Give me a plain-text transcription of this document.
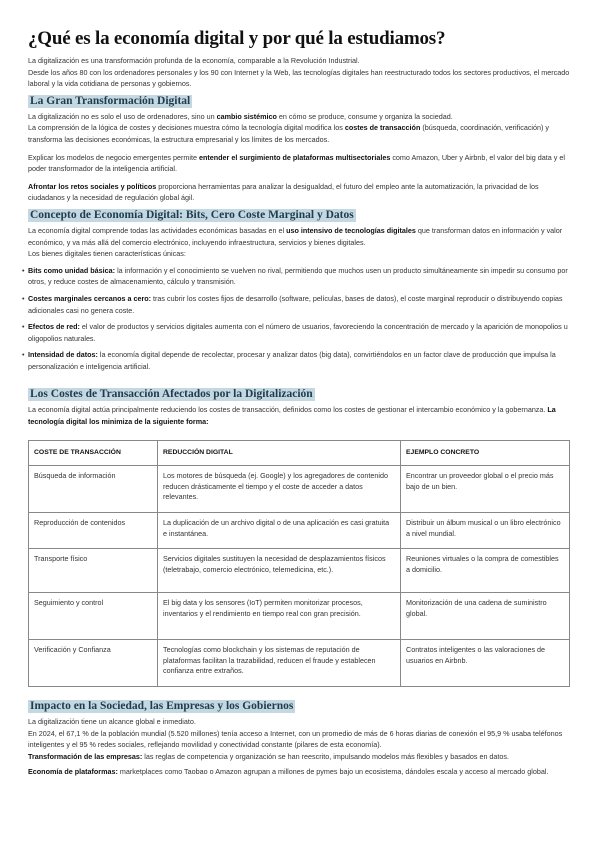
¿Qué es la economía digital y por qué la estudiamos?

La digitalización es una transformación profunda de la economía, comparable a la Revolución Industrial.

Desde los años 80 con los ordenadores personales y los 90 con Internet y la Web, las tecnologías digitales han reestructurado todos los sectores productivos, el mercado laboral y la vida cotidiana de personas y gobiernos.

La Gran Transformación Digital

La digitalización no es solo el uso de ordenadores, sino un cambio sistémico en cómo se produce, consume y organiza la sociedad.

La comprensión de la lógica de costes y decisiones muestra cómo la tecnología digital modifica los costes de transacción (búsqueda, coordinación, verificación) y transforma las decisiones económicas, la estructura empresarial y los límites de los mercados.

Explicar los modelos de negocio emergentes permite entender el surgimiento de plataformas multisectoriales como Amazon, Uber y Airbnb, el valor del big data y el poder transformador de la inteligencia artificial.

Afrontar los retos sociales y políticos proporciona herramientas para analizar la desigualdad, el futuro del empleo ante la automatización, la privacidad de los ciudadanos y la necesidad de regulación global ágil.

Concepto de Economía Digital: Bits, Cero Coste Marginal y Datos

La economía digital comprende todas las actividades económicas basadas en el uso intensivo de tecnologías digitales que transforman datos en información y valor económico, y va más allá del comercio electrónico, incluyendo infraestructura, servicios y bienes digitales.

Los bienes digitales tienen características únicas:

• Bits como unidad básica: la información y el conocimiento se vuelven no rival, permitiendo que muchos usen un producto simultáneamente sin impedir su consumo por otros, y reduce costes de almacenamiento, cálculo y transmisión.
• Costes marginales cercanos a cero: tras cubrir los costes fijos de desarrollo (software, películas, bases de datos), el coste marginal reproducir o distribuyendo copias adicionales casi no genera coste.
• Efectos de red: el valor de productos y servicios digitales aumenta con el número de usuarios, favoreciendo la concentración de mercado y la aparición de monopolios u oligopolios naturales.
• Intensidad de datos: la economía digital depende de recolectar, procesar y analizar datos (big data), convirtiéndolos en un factor clave de producción que impulsa la personalización e inteligencia artificial.
Los Costes de Transacción Afectados por la Digitalización

La economía digital actúa principalmente reduciendo los costes de transacción, definidos como los costes de gestionar el intercambio económico y la gobernanza. La tecnología digital los minimiza de la siguiente forma:

COSTE DE TRANSACCIÓN	REDUCCIÓN DIGITAL	EJEMPLO CONCRETO
Búsqueda de información	Los motores de búsqueda (ej. Google) y los agregadores de contenido reducen drásticamente el tiempo y el coste de acceder a datos relevantes.	Encontrar un proveedor global o el precio más bajo de un bien.
Reproducción de contenidos	La duplicación de un archivo digital o de una aplicación es casi gratuita e instantánea.	Distribuir un álbum musical o un libro electrónico a nivel mundial.
Transporte físico	Servicios digitales sustituyen la necesidad de desplazamientos físicos (teletrabajo, comercio electrónico, telemedicina, etc.).	Reuniones virtuales o la compra de comestibles a domicilio.
Seguimiento y control	El big data y los sensores (IoT) permiten monitorizar procesos, inventarios y el rendimiento en tiempo real con gran precisión.	Monitorización de una cadena de suministro global.
Verificación y Confianza	Tecnologías como blockchain y los sistemas de reputación de plataformas facilitan la trazabilidad, reducen el fraude y establecen confianza entre extraños.	Contratos inteligentes o las valoraciones de usuarios en Airbnb.
Impacto en la Sociedad, las Empresas y los Gobiernos

La digitalización tiene un alcance global e inmediato.

En 2024, el 67,1 % de la población mundial (5.520 millones) tenía acceso a Internet, con un promedio de más de 6 horas diarias de conexión el 95,9 % usaba teléfonos inteligentes y el 95 % redes sociales, reflejando movilidad y conectividad constante (pilares de esta economía).

Transformación de las empresas: las reglas de competencia y organización se han reescrito, impulsando modelos más flexibles y basados en datos.

Economía de plataformas: marketplaces como Taobao o Amazon agrupan a millones de pymes bajo un ecosistema, dándoles escala y acceso al mercado global.
